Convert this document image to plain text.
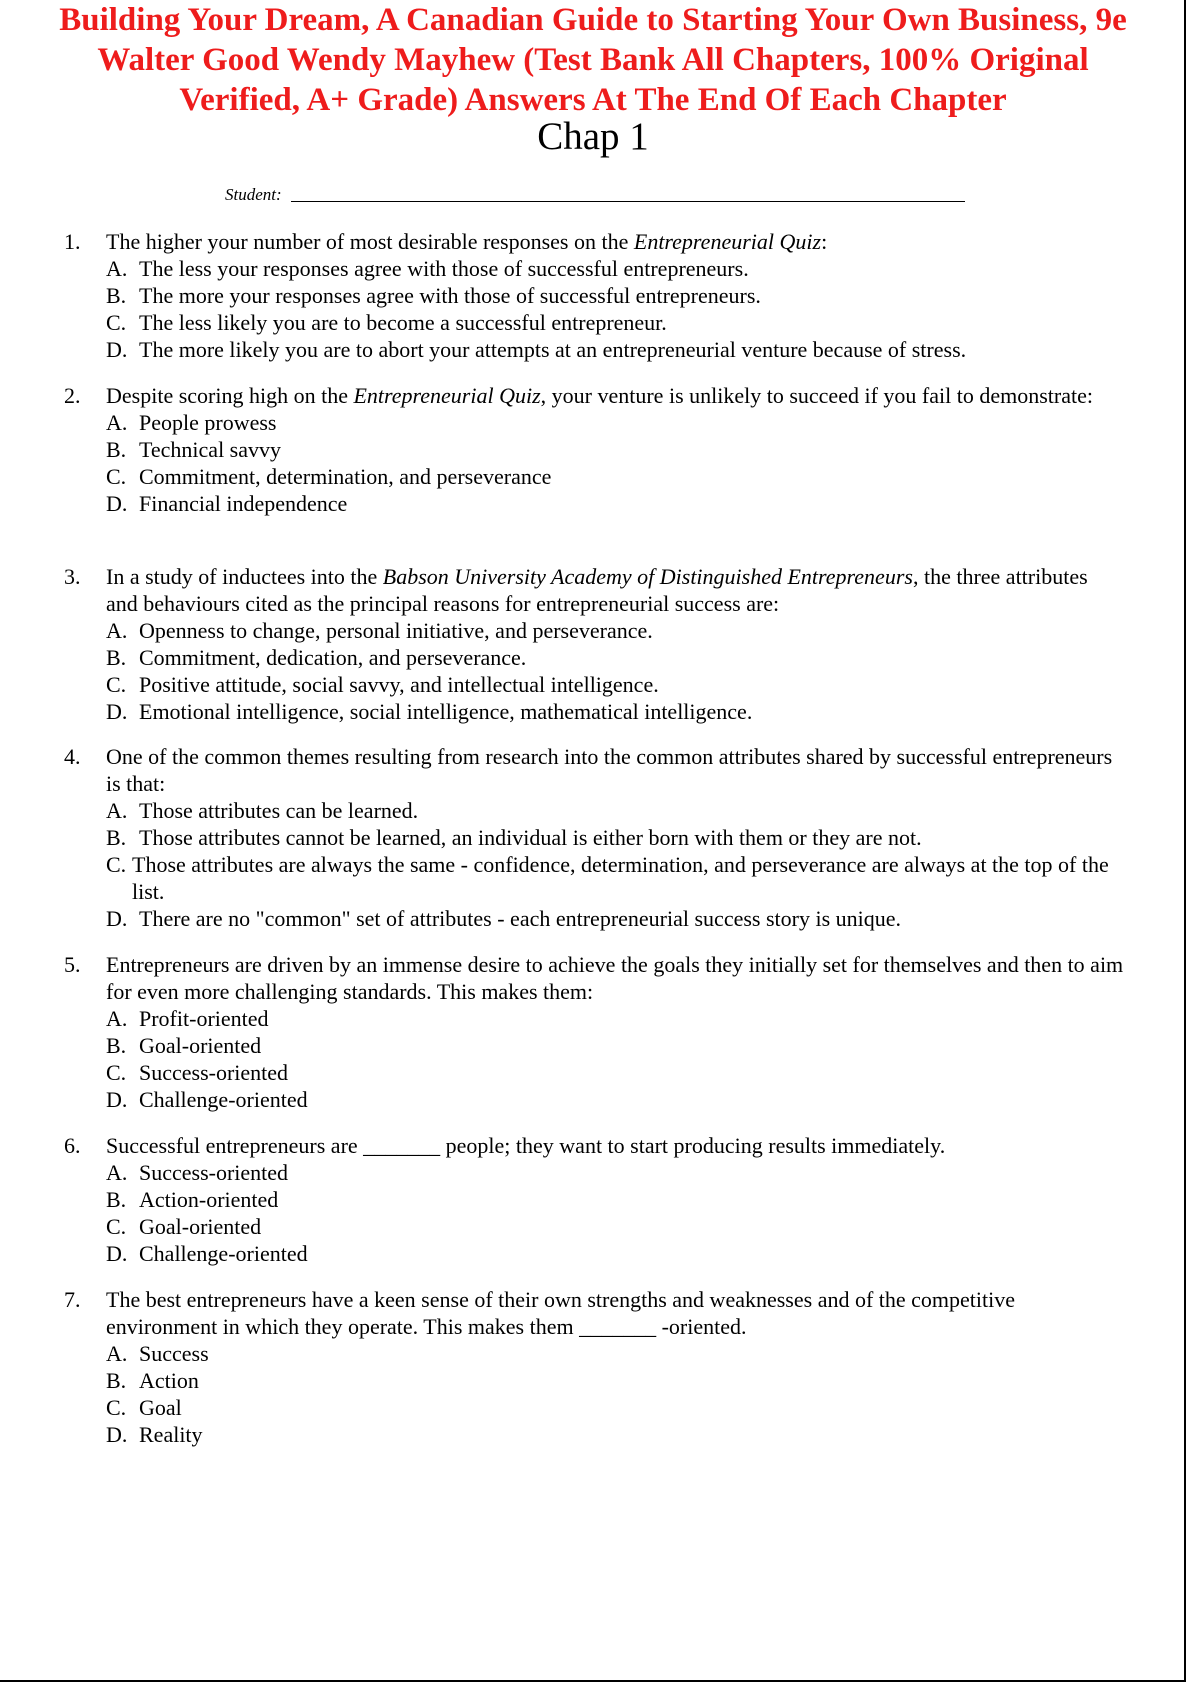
Building Your Dream, A Canadian Guide to Starting Your Own Business, 9e Walter Good Wendy Mayhew (Test Bank All Chapters, 100% Original Verified, A+ Grade) Answers At The End Of Each Chapter
Chap 1
Student:
1.	The higher your number of most desirable responses on the Entrepreneurial Quiz:
A. The less your responses agree with those of successful entrepreneurs.
B. The more your responses agree with those of successful entrepreneurs.
C. The less likely you are to become a successful entrepreneur.
D. The more likely you are to abort your attempts at an entrepreneurial venture because of stress.
2.	Despite scoring high on the Entrepreneurial Quiz, your venture is unlikely to succeed if you fail to demonstrate:
A. People prowess
B. Technical savvy
C. Commitment, determination, and perseverance
D. Financial independence
3.	In a study of inductees into the Babson University Academy of Distinguished Entrepreneurs, the three attributes and behaviours cited as the principal reasons for entrepreneurial success are:
A. Openness to change, personal initiative, and perseverance.
B. Commitment, dedication, and perseverance.
C. Positive attitude, social savvy, and intellectual intelligence.
D. Emotional intelligence, social intelligence, mathematical intelligence.
4.	One of the common themes resulting from research into the common attributes shared by successful entrepreneurs is that:
A. Those attributes can be learned.
B. Those attributes cannot be learned, an individual is either born with them or they are not.
C. Those attributes are always the same - confidence, determination, and perseverance are always at the top of the list.
D. There are no "common" set of attributes - each entrepreneurial success story is unique.
5.	Entrepreneurs are driven by an immense desire to achieve the goals they initially set for themselves and then to aim for even more challenging standards. This makes them:
A. Profit-oriented
B. Goal-oriented
C. Success-oriented
D. Challenge-oriented
6.	Successful entrepreneurs are _______ people; they want to start producing results immediately.
A. Success-oriented
B. Action-oriented
C. Goal-oriented
D. Challenge-oriented
7.	The best entrepreneurs have a keen sense of their own strengths and weaknesses and of the competitive environment in which they operate. This makes them _______ -oriented.
A. Success
B. Action
C. Goal
D. Reality
